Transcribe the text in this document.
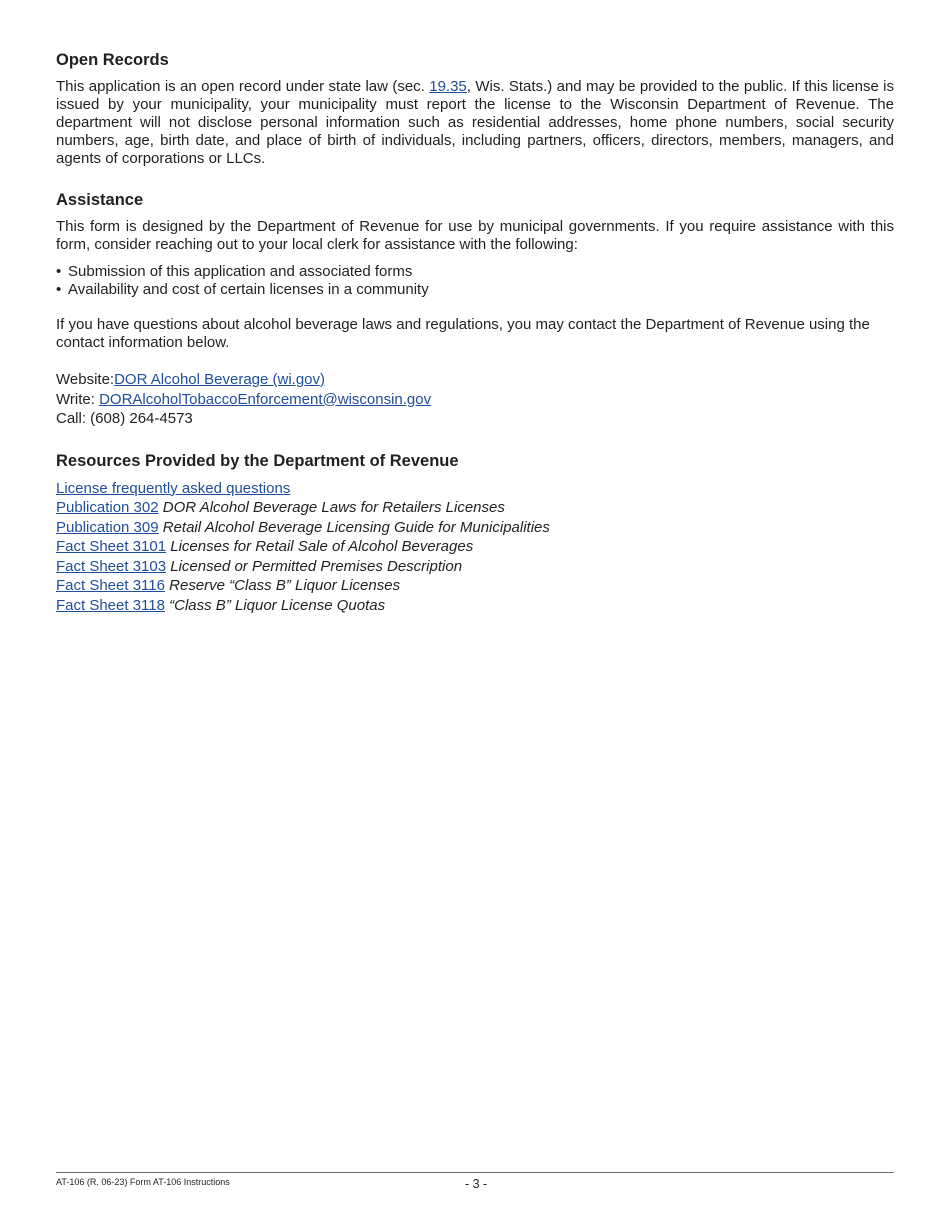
Open Records

This application is an open record under state law (sec. 19.35, Wis. Stats.) and may be provided to the public. If this license is issued by your municipality, your municipality must report the license to the Wisconsin Department of Revenue. The department will not disclose personal information such as residential addresses, home phone numbers, social security numbers, age, birth date, and place of birth of individuals, including partners, officers, directors, members, managers, and agents of corporations or LLCs.

Assistance

This form is designed by the Department of Revenue for use by municipal governments. If you require assistance with this form, consider reaching out to your local clerk for assistance with the following:

• Submission of this application and associated forms
• Availability and cost of certain licenses in a community

If you have questions about alcohol beverage laws and regulations, you may contact the Department of Revenue using the contact information below.

Website:DOR Alcohol Beverage (wi.gov)
Write: DORAlcoholTobaccoEnforcement@wisconsin.gov
Call: (608) 264-4573
Resources Provided by the Department of Revenue
License frequently asked questions
Publication 302 DOR Alcohol Beverage Laws for Retailers Licenses
Publication 309 Retail Alcohol Beverage Licensing Guide for Municipalities
Fact Sheet 3101 Licenses for Retail Sale of Alcohol Beverages
Fact Sheet 3103 Licensed or Permitted Premises Description
Fact Sheet 3116 Reserve “Class B” Liquor Licenses
Fact Sheet 3118 “Class B” Liquor License Quotas
AT-106 (R. 06-23) Form AT-106 Instructions	- 3 -
